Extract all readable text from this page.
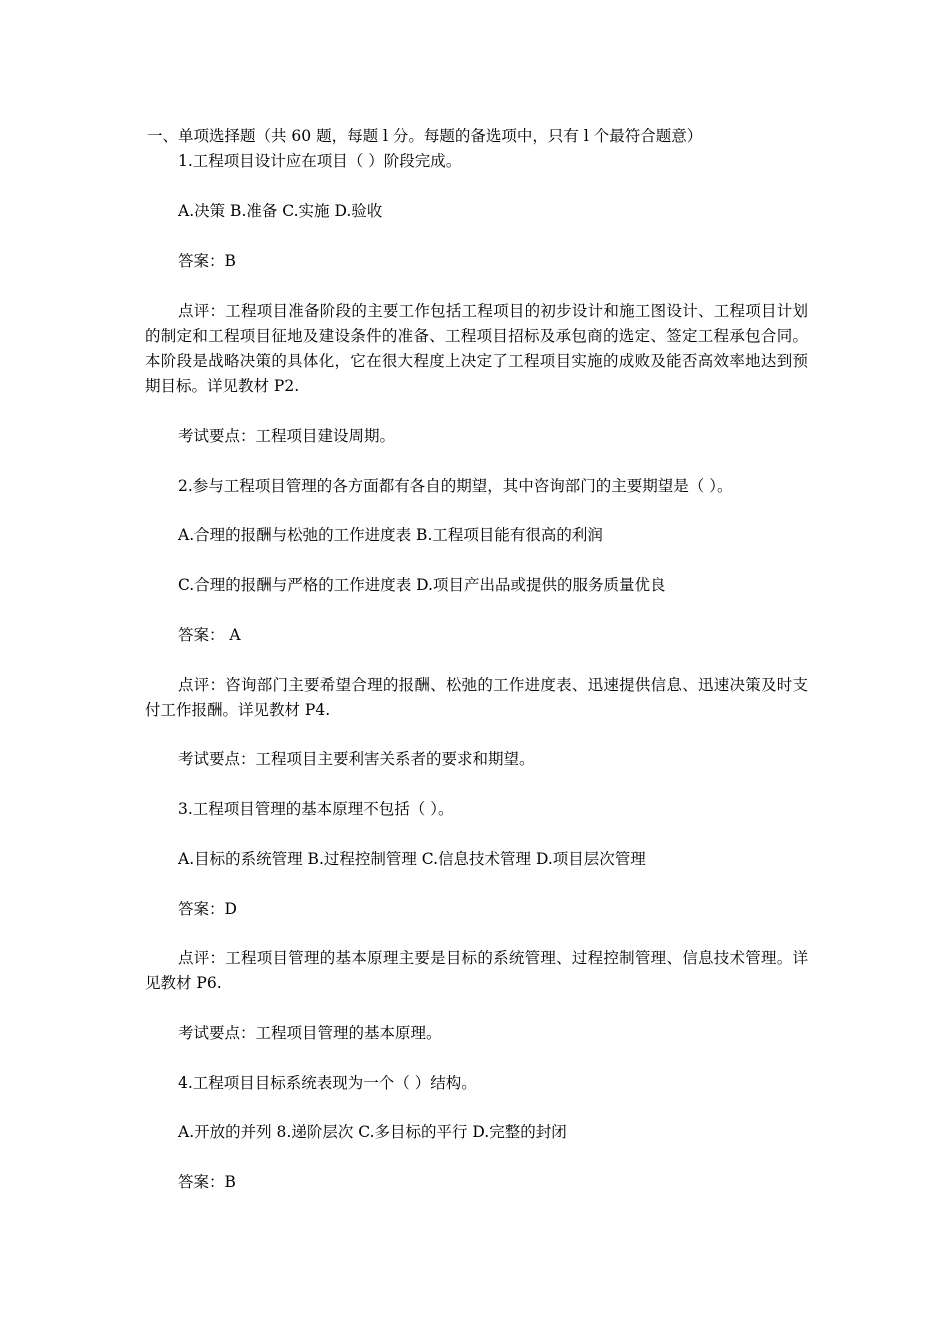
一、单项选择题（共 60 题，每题 l 分。每题的备选项中，只有 l 个最符合题意）
1.工程项目设计应在项目（ ）阶段完成。
A.决策 B.准备 C.实施 D.验收
答案：B
点评：工程项目准备阶段的主要工作包括工程项目的初步设计和施工图设计、工程项目计划的制定和工程项目征地及建设条件的准备、工程项目招标及承包商的选定、签定工程承包合同。本阶段是战略决策的具体化，它在很大程度上决定了工程项目实施的成败及能否高效率地达到预期目标。详见教材 P2.
考试要点：工程项目建设周期。
2.参与工程项目管理的各方面都有各自的期望，其中咨询部门的主要期望是（ ）。
A.合理的报酬与松弛的工作进度表 B.工程项目能有很高的利润
C.合理的报酬与严格的工作进度表 D.项目产出品或提供的服务质量优良
答案： A
点评：咨询部门主要希望合理的报酬、松弛的工作进度表、迅速提供信息、迅速决策及时支付工作报酬。详见教材 P4.
考试要点：工程项目主要利害关系者的要求和期望。
3.工程项目管理的基本原理不包括（ ）。
A.目标的系统管理 B.过程控制管理 C.信息技术管理 D.项目层次管理
答案：D
点评：工程项目管理的基本原理主要是目标的系统管理、过程控制管理、信息技术管理。详见教材 P6.
考试要点：工程项目管理的基本原理。
4.工程项目目标系统表现为一个（ ）结构。
A.开放的并列 8.递阶层次 C.多目标的平行 D.完整的封闭
答案：B
